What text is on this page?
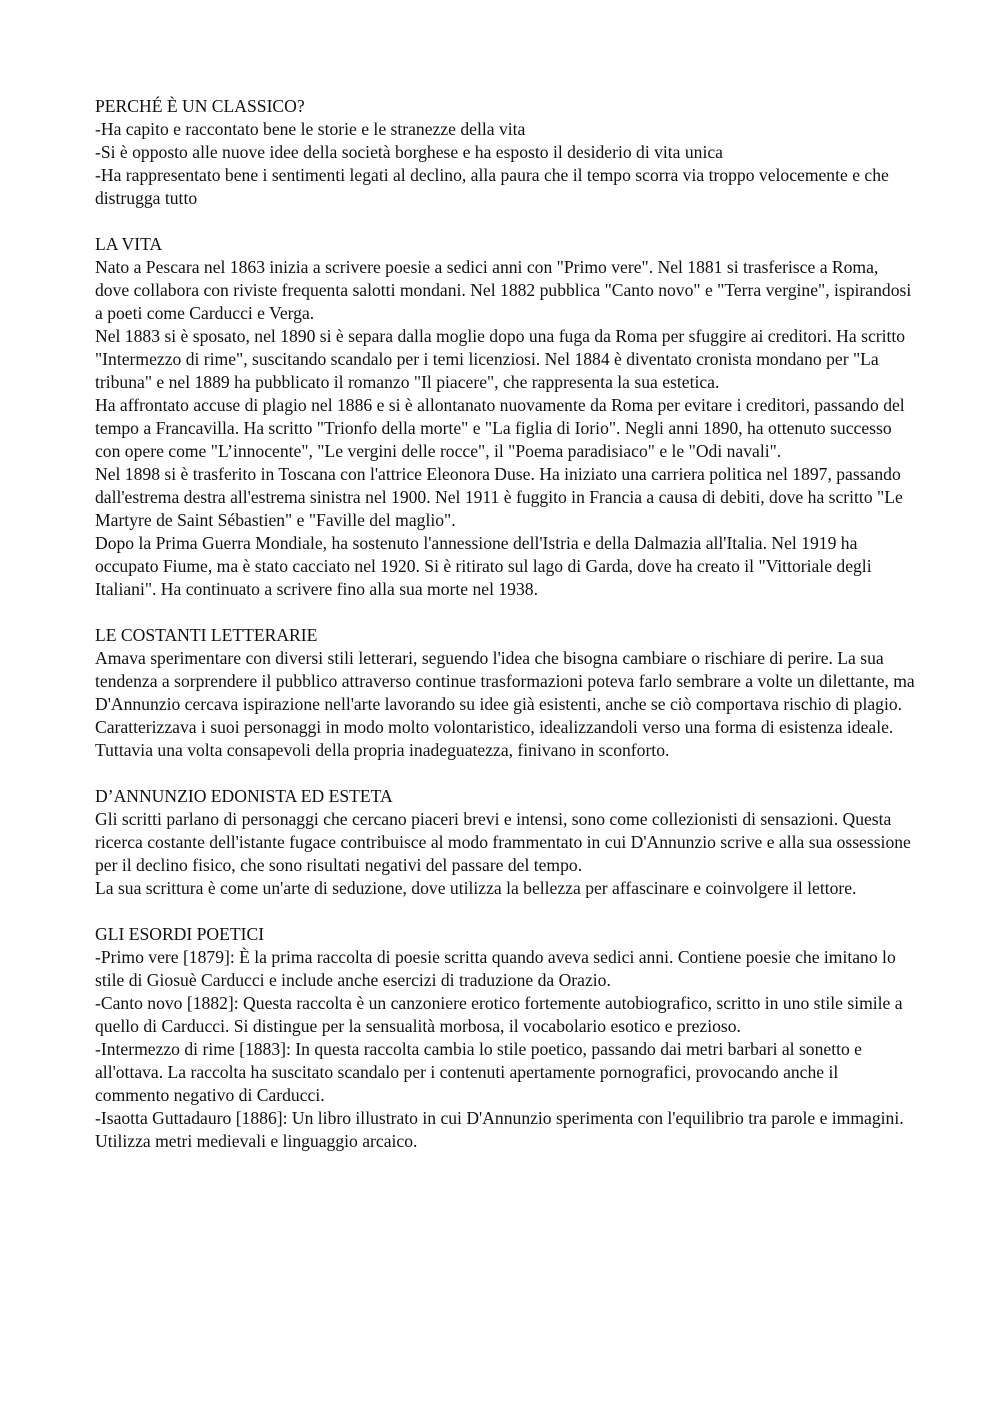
PERCHÉ È UN CLASSICO?
-Ha capito e raccontato bene le storie e le stranezze della vita
-Si è opposto alle nuove idee della società borghese e ha esposto il desiderio di vita unica
-Ha rappresentato bene i sentimenti legati al declino, alla paura che il tempo scorra via troppo velocemente e che distrugga tutto
LA VITA
Nato a Pescara nel 1863 inizia a scrivere poesie a sedici anni con "Primo vere". Nel 1881 si trasferisce a Roma, dove collabora con riviste frequenta salotti mondani. Nel 1882 pubblica "Canto novo" e "Terra vergine", ispirandosi a poeti come Carducci e Verga.
Nel 1883 si è sposato, nel 1890 si è separa dalla moglie dopo una fuga da Roma per sfuggire ai creditori. Ha scritto "Intermezzo di rime", suscitando scandalo per i temi licenziosi. Nel 1884 è diventato cronista mondano per "La tribuna" e nel 1889 ha pubblicato il romanzo "Il piacere", che rappresenta la sua estetica.
Ha affrontato accuse di plagio nel 1886 e si è allontanato nuovamente da Roma per evitare i creditori, passando del tempo a Francavilla. Ha scritto "Trionfo della morte" e "La figlia di Iorio". Negli anni 1890, ha ottenuto successo con opere come "L’innocente", "Le vergini delle rocce", il "Poema paradisiaco" e le "Odi navali".
Nel 1898 si è trasferito in Toscana con l'attrice Eleonora Duse. Ha iniziato una carriera politica nel 1897, passando dall'estrema destra all'estrema sinistra nel 1900. Nel 1911 è fuggito in Francia a causa di debiti, dove ha scritto "Le Martyre de Saint Sébastien" e "Faville del maglio".
Dopo la Prima Guerra Mondiale, ha sostenuto l'annessione dell'Istria e della Dalmazia all'Italia. Nel 1919 ha occupato Fiume, ma è stato cacciato nel 1920. Si è ritirato sul lago di Garda, dove ha creato il "Vittoriale degli Italiani". Ha continuato a scrivere fino alla sua morte nel 1938.
LE COSTANTI LETTERARIE
Amava sperimentare con diversi stili letterari, seguendo l'idea che bisogna cambiare o rischiare di perire. La sua tendenza a sorprendere il pubblico attraverso continue trasformazioni poteva farlo sembrare a volte un dilettante, ma D'Annunzio cercava ispirazione nell'arte lavorando su idee già esistenti, anche se ciò comportava rischio di plagio.
Caratterizzava i suoi personaggi in modo molto volontaristico, idealizzandoli verso una forma di esistenza ideale. Tuttavia una volta consapevoli della propria inadeguatezza, finivano in sconforto.
D’ANNUNZIO EDONISTA ED ESTETA
Gli scritti parlano di personaggi che cercano piaceri brevi e intensi, sono come collezionisti di sensazioni. Questa ricerca costante dell'istante fugace contribuisce al modo frammentato in cui D'Annunzio scrive e alla sua ossessione per il declino fisico, che sono risultati negativi del passare del tempo.
La sua scrittura è come un'arte di seduzione, dove utilizza la bellezza per affascinare e coinvolgere il lettore.
GLI ESORDI POETICI
-Primo vere [1879]: È la prima raccolta di poesie scritta quando aveva sedici anni. Contiene poesie che imitano lo stile di Giosuè Carducci e include anche esercizi di traduzione da Orazio.
-Canto novo [1882]: Questa raccolta è un canzoniere erotico fortemente autobiografico, scritto in uno stile simile a quello di Carducci. Si distingue per la sensualità morbosa, il vocabolario esotico e prezioso.
-Intermezzo di rime [1883]: In questa raccolta cambia lo stile poetico, passando dai metri barbari al sonetto e all'ottava. La raccolta ha suscitato scandalo per i contenuti apertamente pornografici, provocando anche il commento negativo di Carducci.
-Isaotta Guttadauro [1886]: Un libro illustrato in cui D'Annunzio sperimenta con l'equilibrio tra parole e immagini. Utilizza metri medievali e linguaggio arcaico.
